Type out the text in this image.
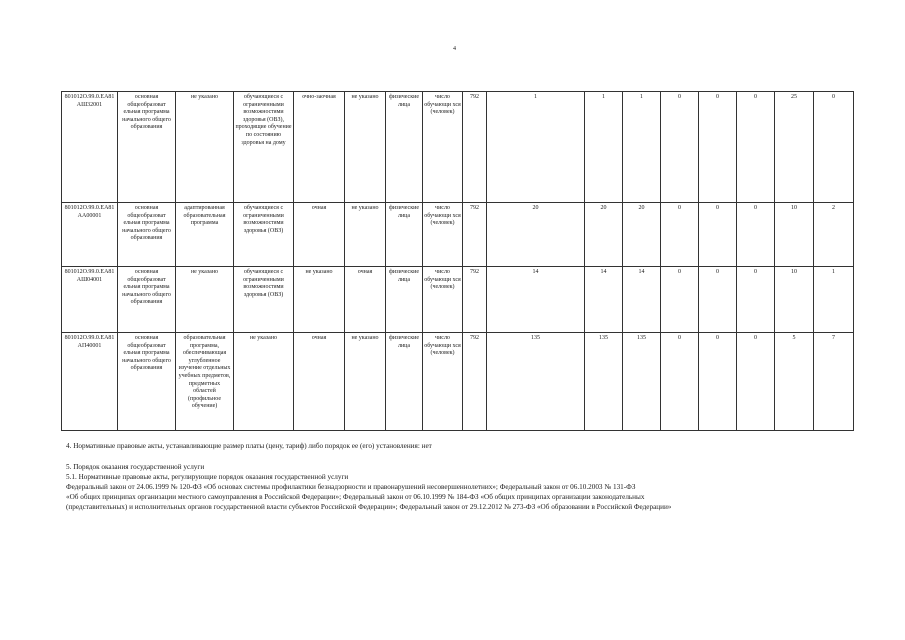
4
801012О.99.0.ЕА81 АШ32001	основная общеобразоват ельная программа начального общего образования	не указано	обучающиеся с ограниченными возможностями здоровья (ОВЗ), проходящие обучение по состоянию здоровья на дому	очно-заочная	не указано	физические лица	число обучающи хся (человек)	792	1	1	1	0	0	0	25	0
801012О.99.0.ЕА81 АА00001	основная общеобразоват ельная программа начального общего образования	адаптированная образовательная программа	обучающиеся с ограниченными возможностями здоровья (ОВЗ)	очная	не указано	физические лица	число обучающи хся (человек)	792	20	20	20	0	0	0	10	2
801012О.99.0.ЕА81 АШ04001	основная общеобразоват ельная программа начального общего образования	не указано	обучающиеся с ограниченными возможностями здоровья (ОВЗ)	не указано	очная	физические лица	число обучающи хся (человек)	792	14	14	14	0	0	0	10	1
801012О.99.0.ЕА81 АП40001	основная общеобразоват ельная программа начального общего образования	образовательная программа, обеспечивающая углубленное изучение отдельных учебных предметов, предметных областей (профильное обучение)	не указано	очная	не указано	физические лица	число обучающи хся (человек)	792	135	135	135	0	0	0	5	7

4. Нормативные правовые акты, устанавливающие размер платы (цену, тариф) либо порядок ее (его) установления: нет

5. Порядок оказания государственной услуги

5.1. Нормативные правовые акты, регулирующие порядок оказания государственной услуги

Федеральный закон от 24.06.1999 № 120-ФЗ «Об основах системы профилактики безнадзорности и правонарушений несовершеннолетних»; Федеральный закон от 06.10.2003 № 131-ФЗ

«Об общих принципах организации местного самоуправления в Российской Федерации»; Федеральный закон от 06.10.1999 № 184-ФЗ «Об общих принципах организации законодательных

(представительных) и исполнительных органов государственной власти субъектов Российской Федерации»; Федеральный закон от 29.12.2012 № 273-ФЗ «Об образовании в Российской Федерации»
